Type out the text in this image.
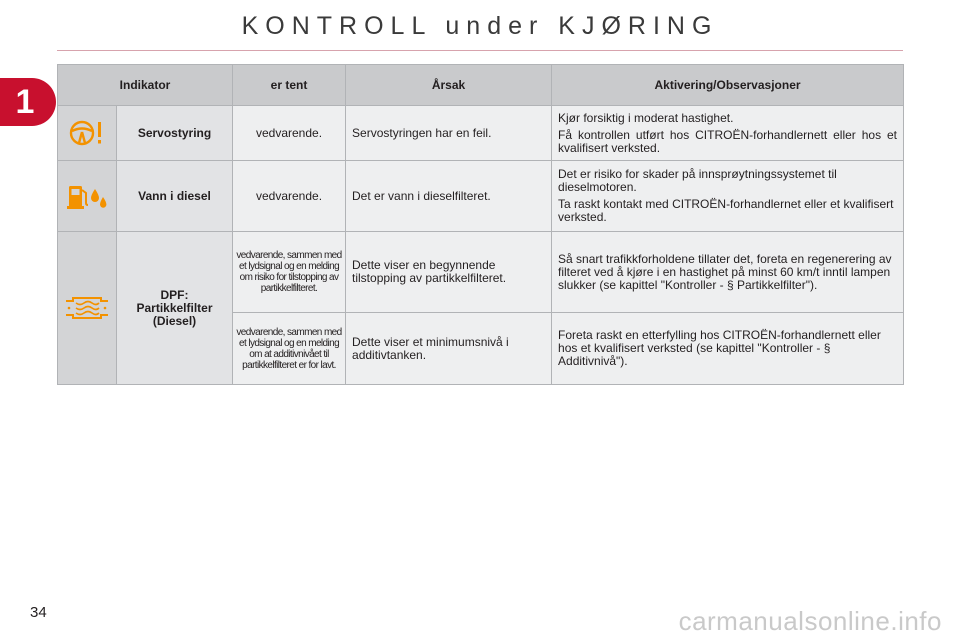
KONTROLL under KJØRING
1	Indikator		er tent	Årsak	Aktivering/Observasjoner

	Servostyring	vedvarende.	Servostyringen har en feil.	Kjør forsiktig i moderat hastighet.
Få kontrollen utført hos CITROËN-forhandlernett eller hos et kvalifisert verksted.

	Vann i diesel	vedvarende.	Det er vann i dieselfilteret.	Det er risiko for skader på innsprøytningssystemet til dieselmotoren.
Ta raskt kontakt med CITROËN-forhandlernet eller et kvalifisert verksted.

DPF:
Partikkelfilter
(Diesel)	vedvarende, sammen med et lydsignal og en melding om risiko for tilstopping av partikkelfilteret.	Dette viser en begynnende tilstopping av partikkelfilteret.	Så snart trafikkforholdene tillater det, foreta en regenerering av filteret ved å kjøre i en hastighet på minst 60 km/t inntil lampen slukker (se kapittel "Kontroller - § Partikkelfilter").
		vedvarende, sammen med et lydsignal og en melding om at additivnivået til partikkelfilteret er for lavt.	Dette viser et minimumsnivå i additivtanken.	Foreta raskt en etterfylling hos CITROËN-forhandlernett eller hos et kvalifisert verksted (se kapittel "Kontroller - § Additivnivå").
34	carmanualsonline.info
